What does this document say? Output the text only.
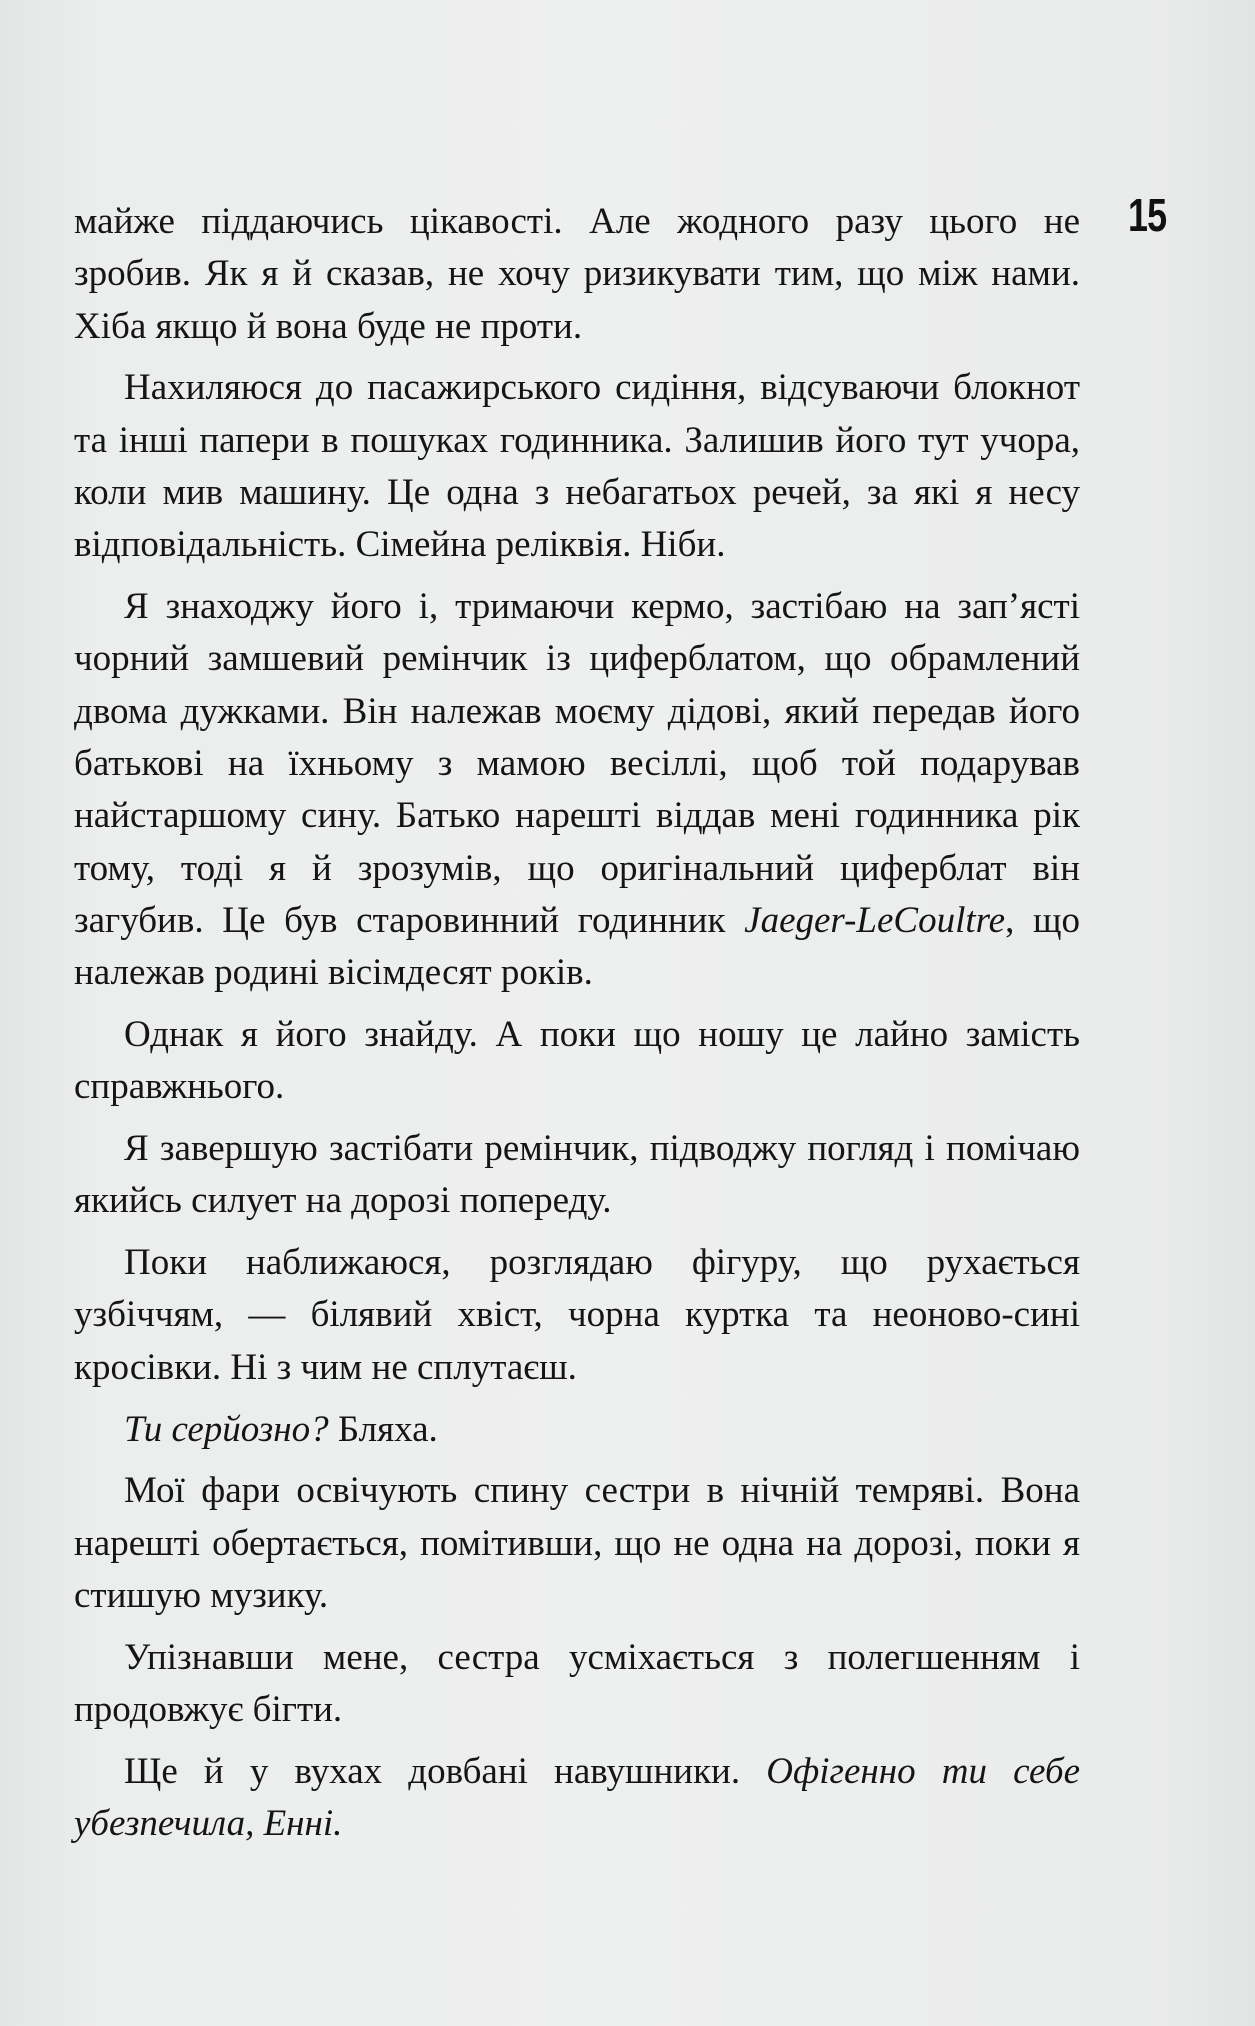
15

майже піддаючись цікавості. Але жодного разу цього не зробив. Як я й сказав, не хочу ризикувати тим, що між нами. Хіба якщо й вона буде не проти.

Нахиляюся до пасажирського сидіння, відсуваючи блокнот та інші папери в пошуках годинника. Залишив його тут учора, коли мив машину. Це одна з небагатьох речей, за які я несу відповідальність. Сімейна реліквія. Ніби.

Я знаходжу його і, тримаючи кермо, застібаю на зап’ясті чорний замшевий ремінчик із циферблатом, що обрамлений двома дужками. Він належав моєму дідові, який передав його батькові на їхньому з мамою весіллі, щоб той подарував найстаршому сину. Батько нарешті віддав мені годинника рік тому, тоді я й зрозумів, що оригінальний циферблат він загубив. Це був старовинний годинник Jaeger-LeCoultre, що належав родині вісімдесят років.

Однак я його знайду. А поки що ношу це лайно замість справжнього.

Я завершую застібати ремінчик, підводжу погляд і помічаю якийсь силует на дорозі попереду.

Поки наближаюся, розглядаю фігуру, що рухається узбіччям, — білявий хвіст, чорна куртка та неоново-сині кросівки. Ні з чим не сплутаєш.

Ти серйозно? Бляха.

Мої фари освічують спину сестри в нічній темряві. Вона нарешті обертається, помітивши, що не одна на дорозі, поки я стишую музику.

Упізнавши мене, сестра усміхається з полегшенням і продовжує бігти.

Ще й у вухах довбані навушники. Офігенно ти себе убезпечила, Енні.
